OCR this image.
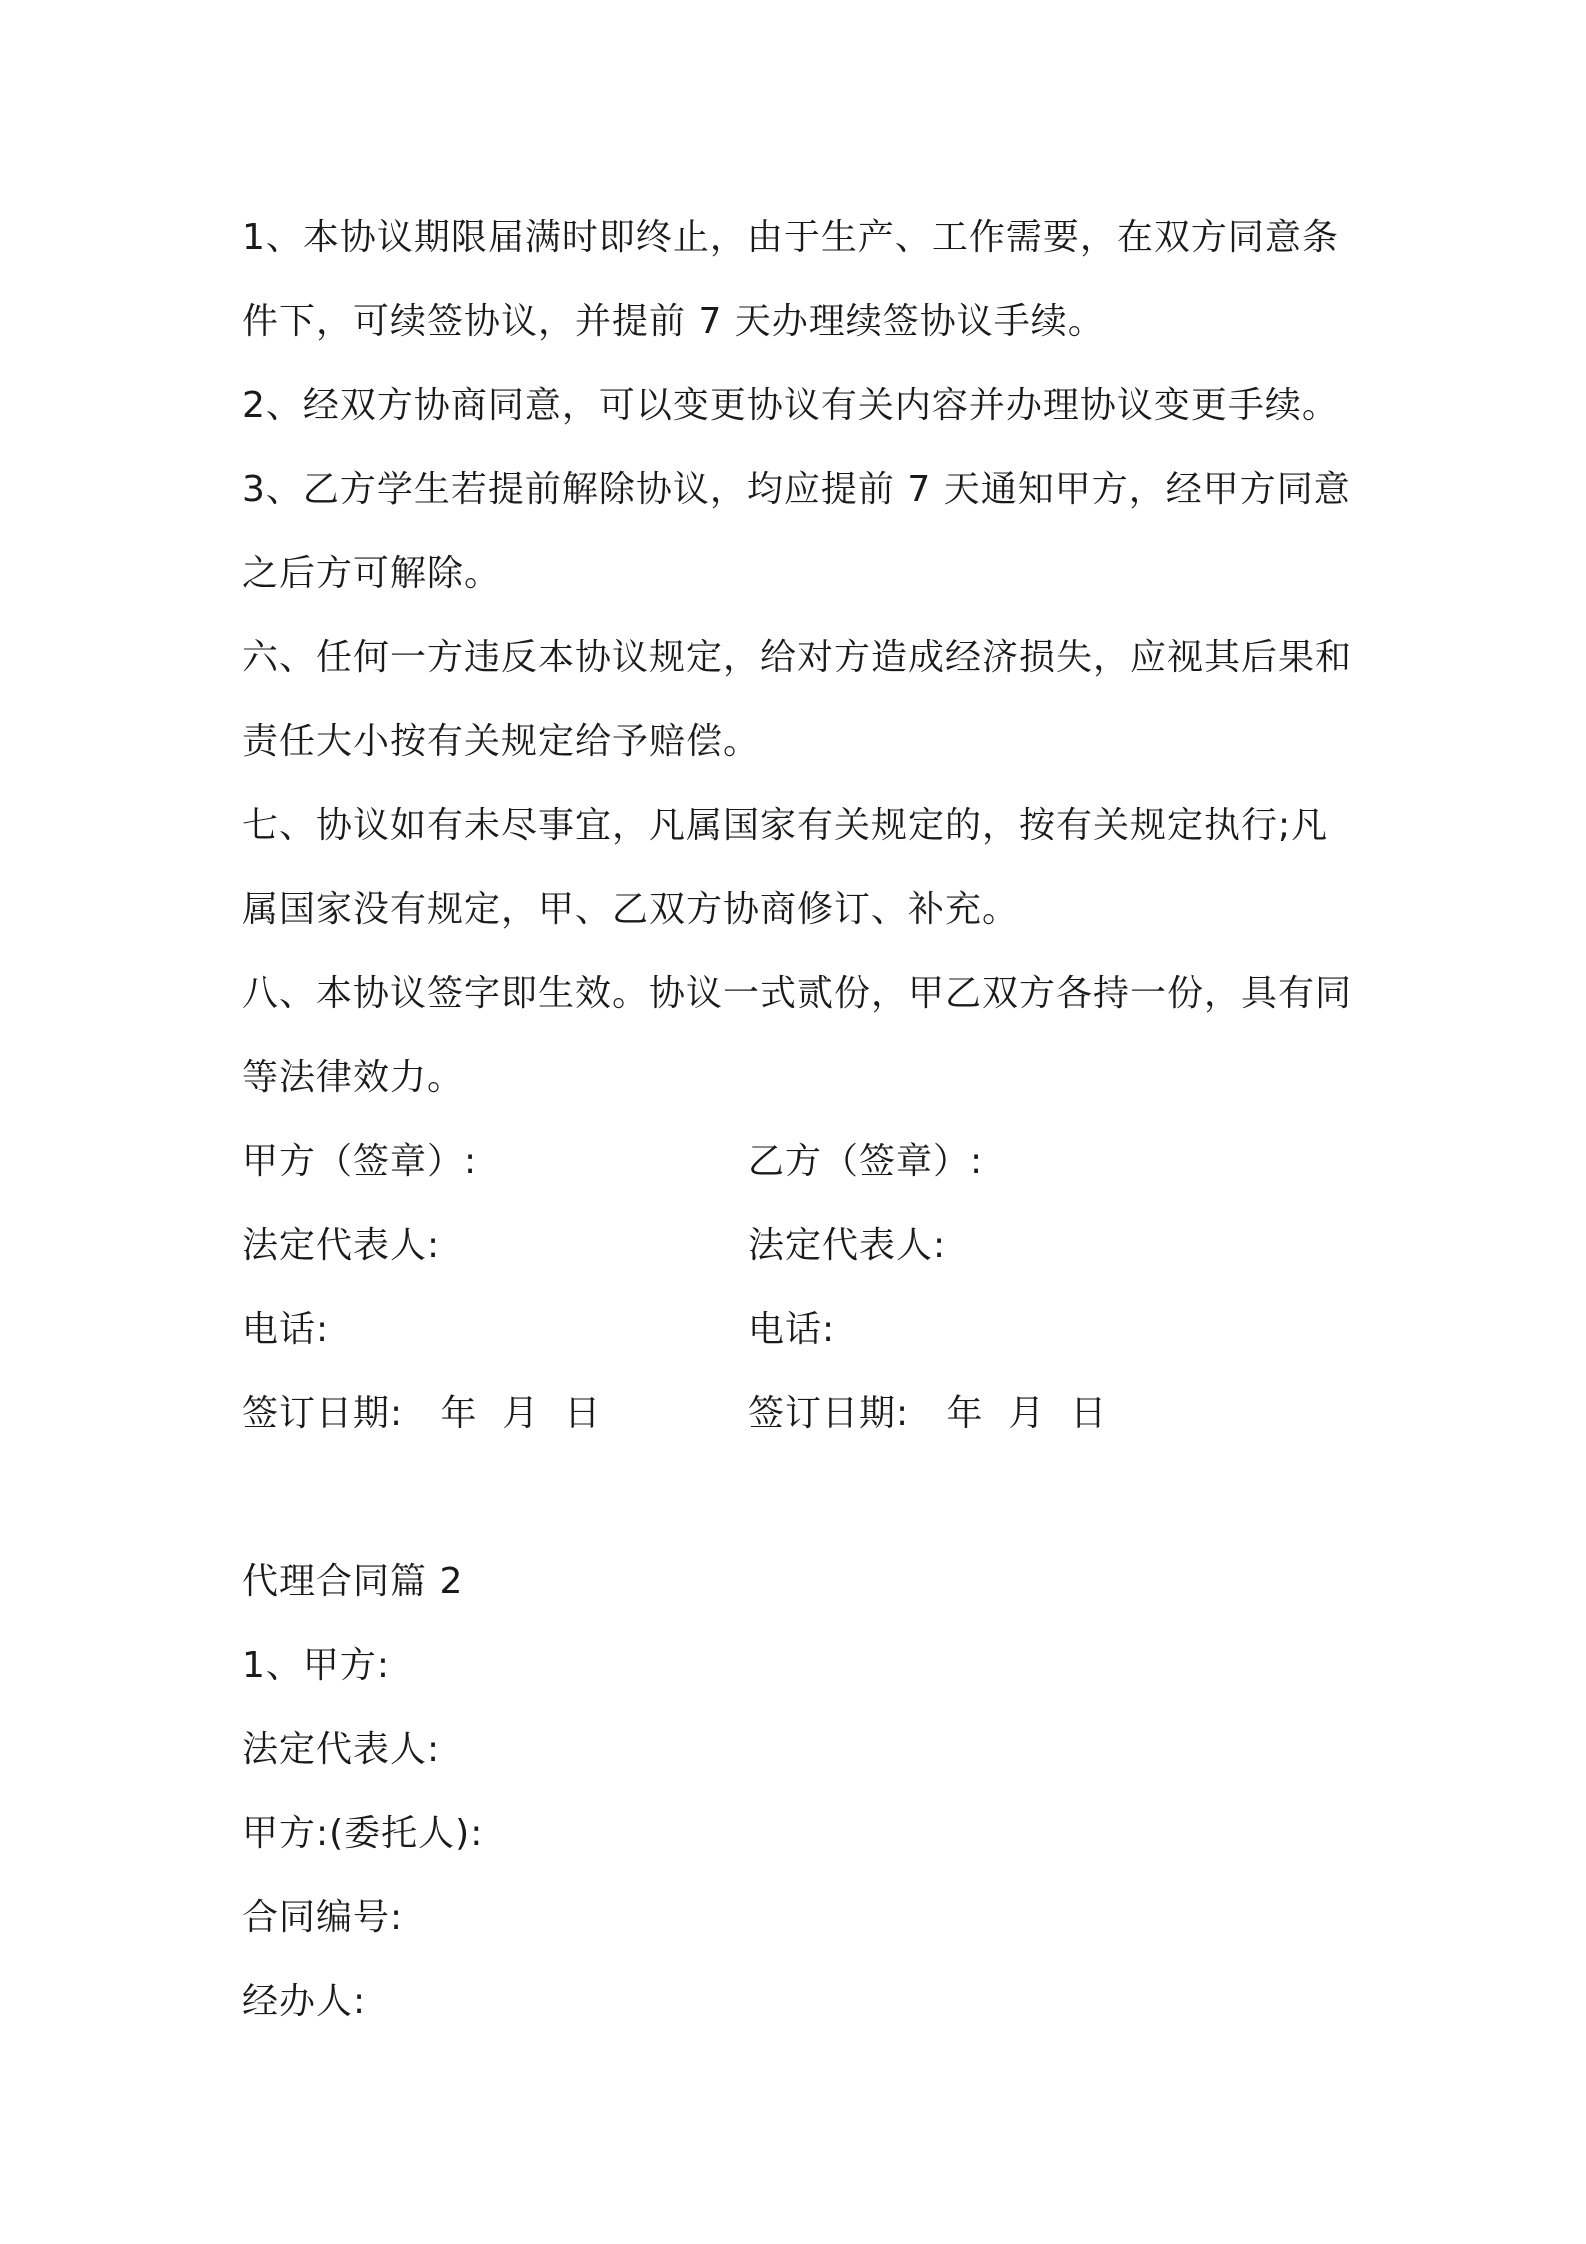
1、本协议期限届满时即终止，由于生产、工作需要，在双方同意条件下，可续签协议，并提前 7 天办理续签协议手续。

2、经双方协商同意，可以变更协议有关内容并办理协议变更手续。

3、乙方学生若提前解除协议，均应提前 7 天通知甲方，经甲方同意之后方可解除。

六、任何一方违反本协议规定，给对方造成经济损失，应视其后果和责任大小按有关规定给予赔偿。

七、协议如有未尽事宜，凡属国家有关规定的，按有关规定执行;凡属国家没有规定，甲、乙双方协商修订、补充。

八、本协议签字即生效。协议一式贰份，甲乙双方各持一份，具有同等法律效力。

甲方（签章）:	乙方（签章）:
法定代表人:	法定代表人:
电话:	电话:
签订日期:   年  月  日	签订日期:   年  月  日

代理合同篇 2

1、甲方:

法定代表人:

甲方:(委托人):

合同编号:

经办人:
